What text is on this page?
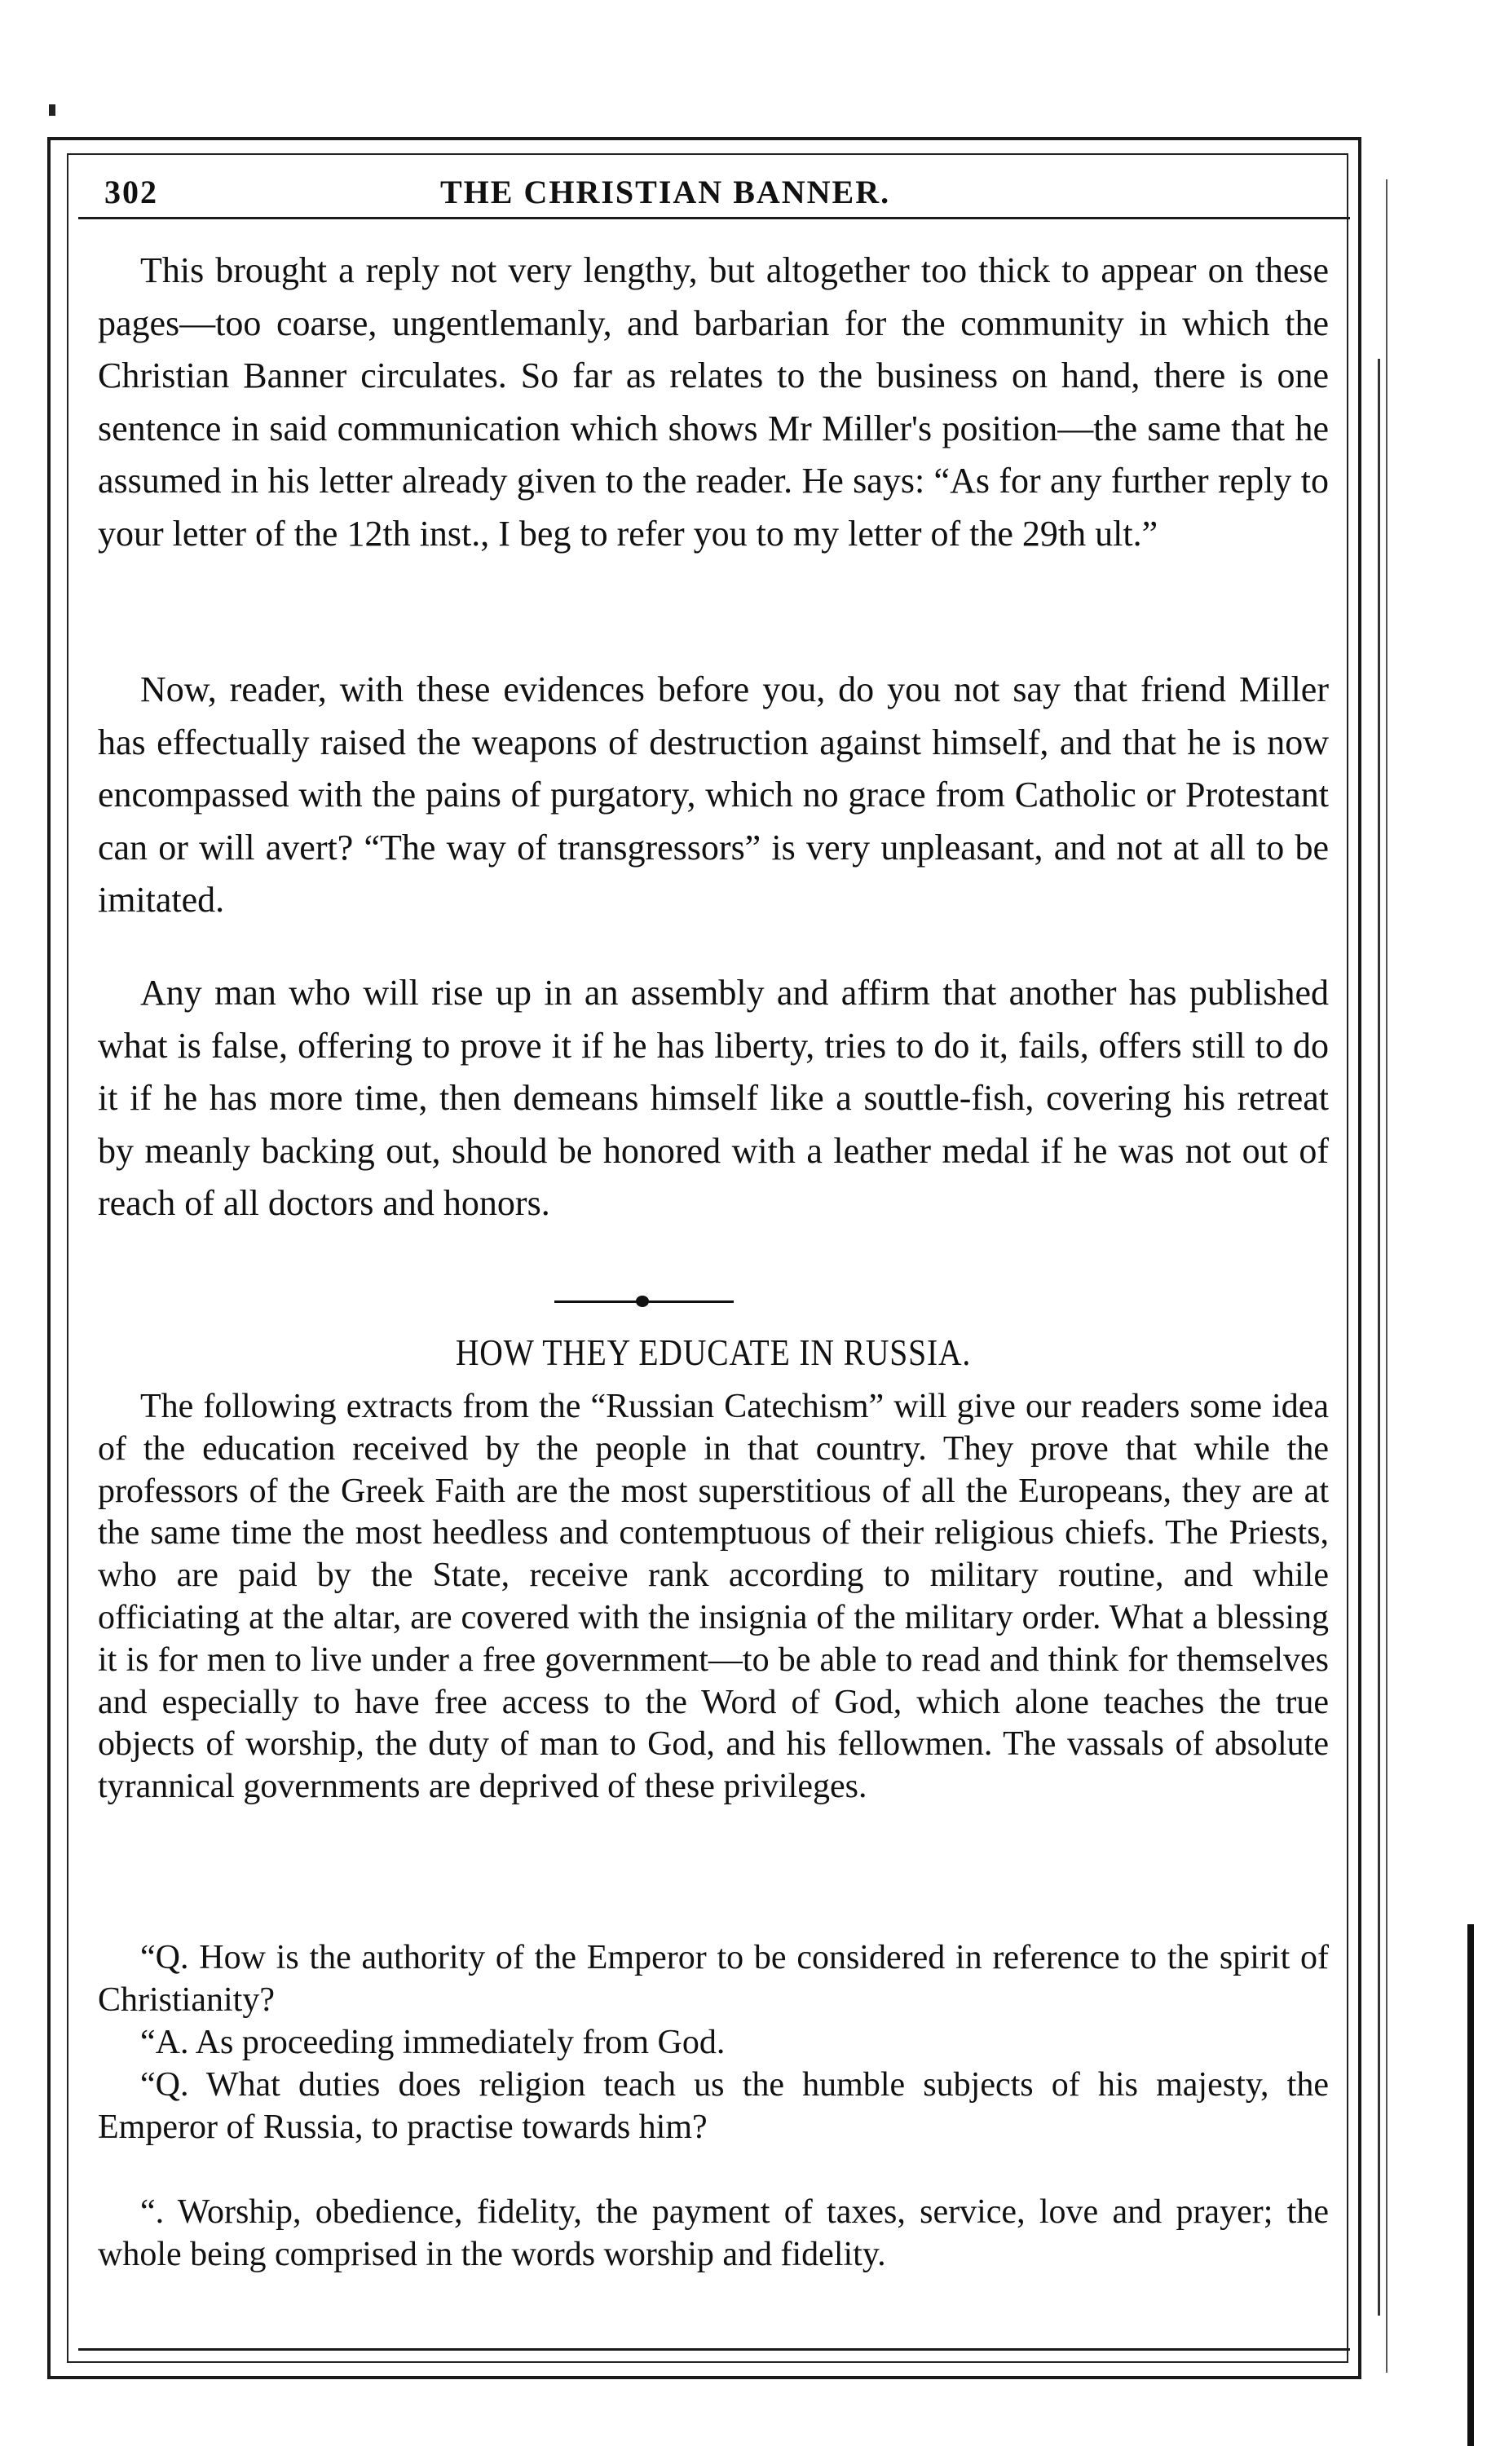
302	THE CHRISTIAN BANNER.

This brought a reply not very lengthy, but altogether too thick to appear on these pages—too coarse, ungentlemanly, and barbarian for the community in which the Christian Banner circulates. So far as relates to the business on hand, there is one sentence in said communication which shows Mr Miller's position—the same that he assumed in his letter already given to the reader. He says: “As for any further reply to your letter of the 12th inst., I beg to refer you to my letter of the 29th ult.”

Now, reader, with these evidences before you, do you not say that friend Miller has effectually raised the weapons of destruction against himself, and that he is now encompassed with the pains of purgatory, which no grace from Catholic or Protestant can or will avert? “The way of transgressors” is very unpleasant, and not at all to be imitated.

Any man who will rise up in an assembly and affirm that another has published what is false, offering to prove it if he has liberty, tries to do it, fails, offers still to do it if he has more time, then demeans himself like a souttle-fish, covering his retreat by meanly backing out, should be honored with a leather medal if he was not out of reach of all doctors and honors.

HOW THEY EDUCATE IN RUSSIA.

The following extracts from the “Russian Catechism” will give our readers some idea of the education received by the people in that country. They prove that while the professors of the Greek Faith are the most superstitious of all the Europeans, they are at the same time the most heedless and contemptuous of their religious chiefs. The Priests, who are paid by the State, receive rank according to military routine, and while officiating at the altar, are covered with the insignia of the military order. What a blessing it is for men to live under a free government—to be able to read and think for themselves and especially to have free access to the Word of God, which alone teaches the true objects of worship, the duty of man to God, and his fellowmen. The vassals of absolute tyrannical governments are deprived of these privileges.

“Q. How is the authority of the Emperor to be considered in reference to the spirit of Christianity?

“A. As proceeding immediately from God.

“Q. What duties does religion teach us the humble subjects of his majesty, the Emperor of Russia, to practise towards him?

“. Worship, obedience, fidelity, the payment of taxes, service, love and prayer; the whole being comprised in the words worship and fidelity.
